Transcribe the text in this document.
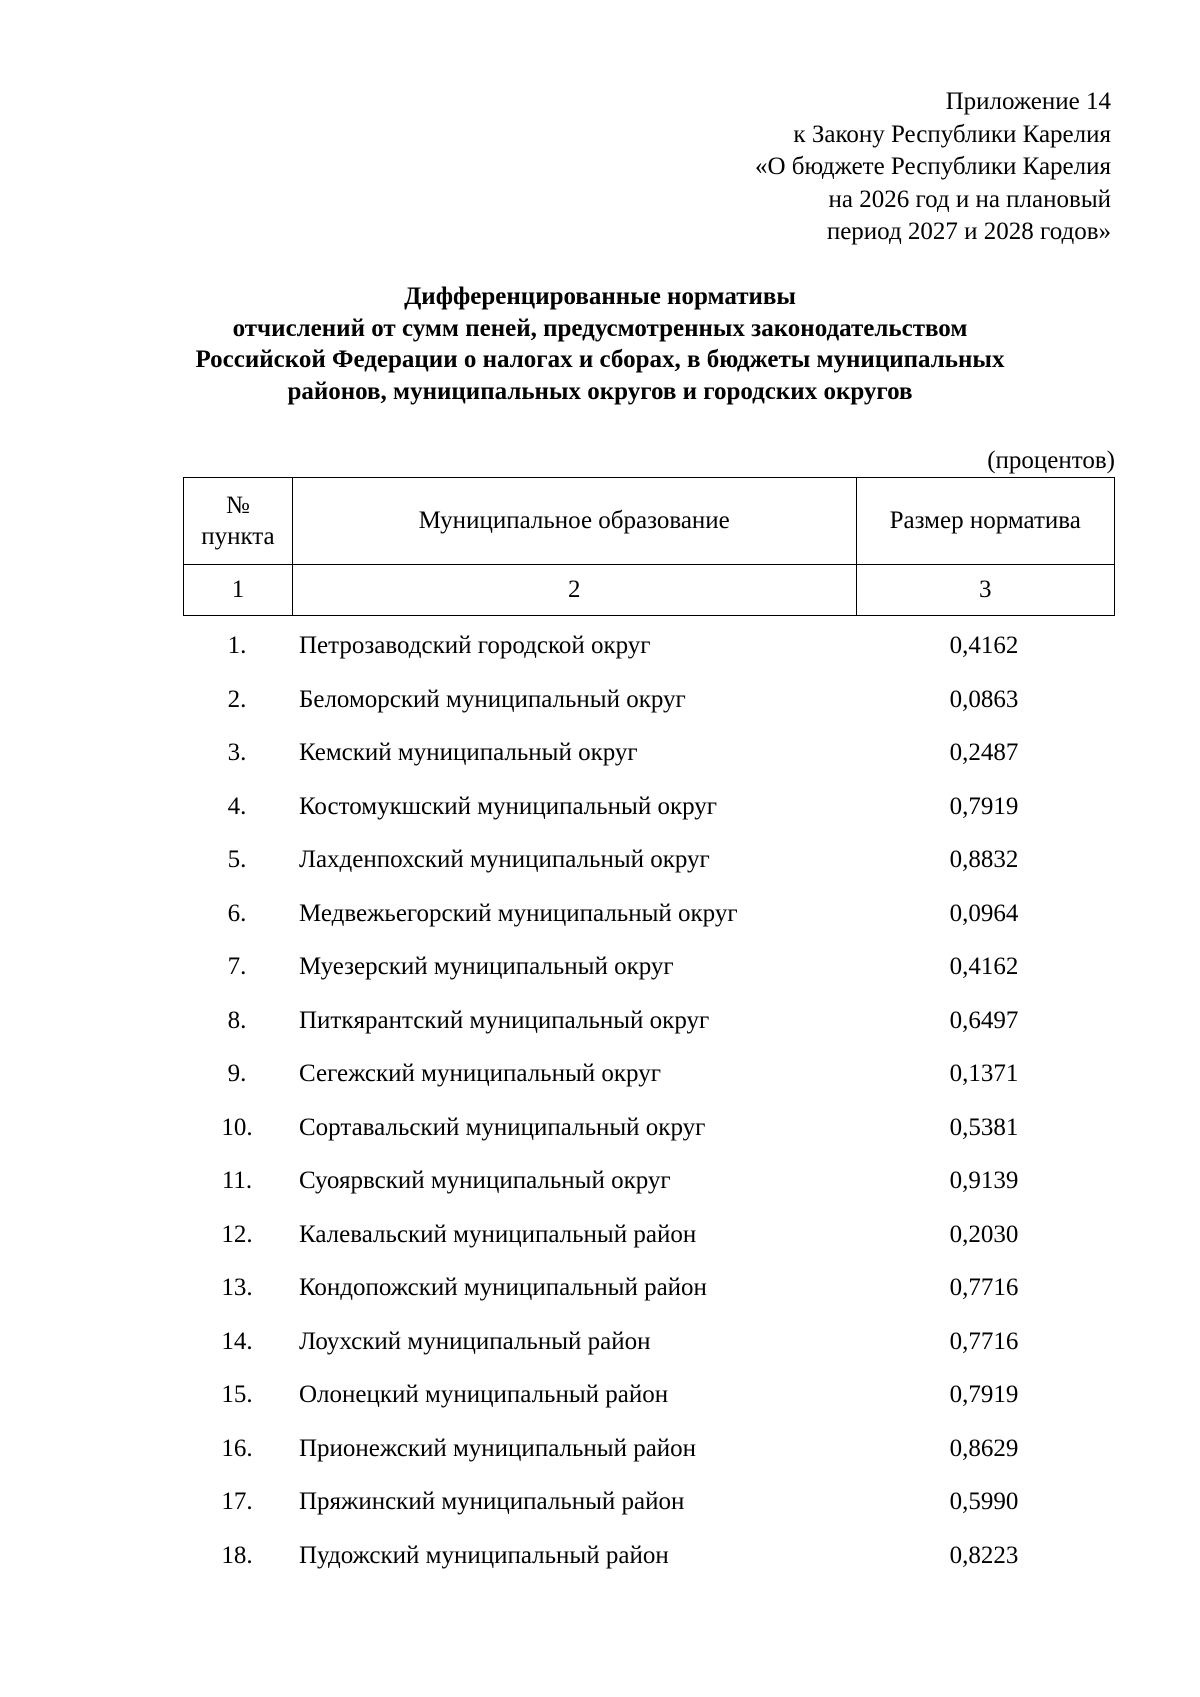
Приложение 14
к Закону Республики Карелия
«О бюджете Республики Карелия
на 2026 год и на плановый
период 2027 и 2028 годов»
Дифференцированные нормативы
отчислений от сумм пеней, предусмотренных законодательством
Российской Федерации о налогах и сборах, в бюджеты муниципальных
районов, муниципальных округов и городских округов
(процентов)
№
пункта	Муниципальное образование	Размер норматива
1	2	3
1.	Петрозаводский городской округ	0,4162
2.	Беломорский муниципальный округ	0,0863
3.	Кемский муниципальный округ	0,2487
4.	Костомукшский муниципальный округ	0,7919
5.	Лахденпохский муниципальный округ	0,8832
6.	Медвежьегорский муниципальный округ	0,0964
7.	Муезерский муниципальный округ	0,4162
8.	Питкярантский муниципальный округ	0,6497
9.	Сегежский муниципальный округ	0,1371
10.	Сортавальский муниципальный округ	0,5381
11.	Суоярвский муниципальный округ	0,9139
12.	Калевальский муниципальный район	0,2030
13.	Кондопожский муниципальный район	0,7716
14.	Лоухский муниципальный район	0,7716
15.	Олонецкий муниципальный район	0,7919
16.	Прионежский муниципальный район	0,8629
17.	Пряжинский муниципальный район	0,5990
18.	Пудожский муниципальный район	0,8223
